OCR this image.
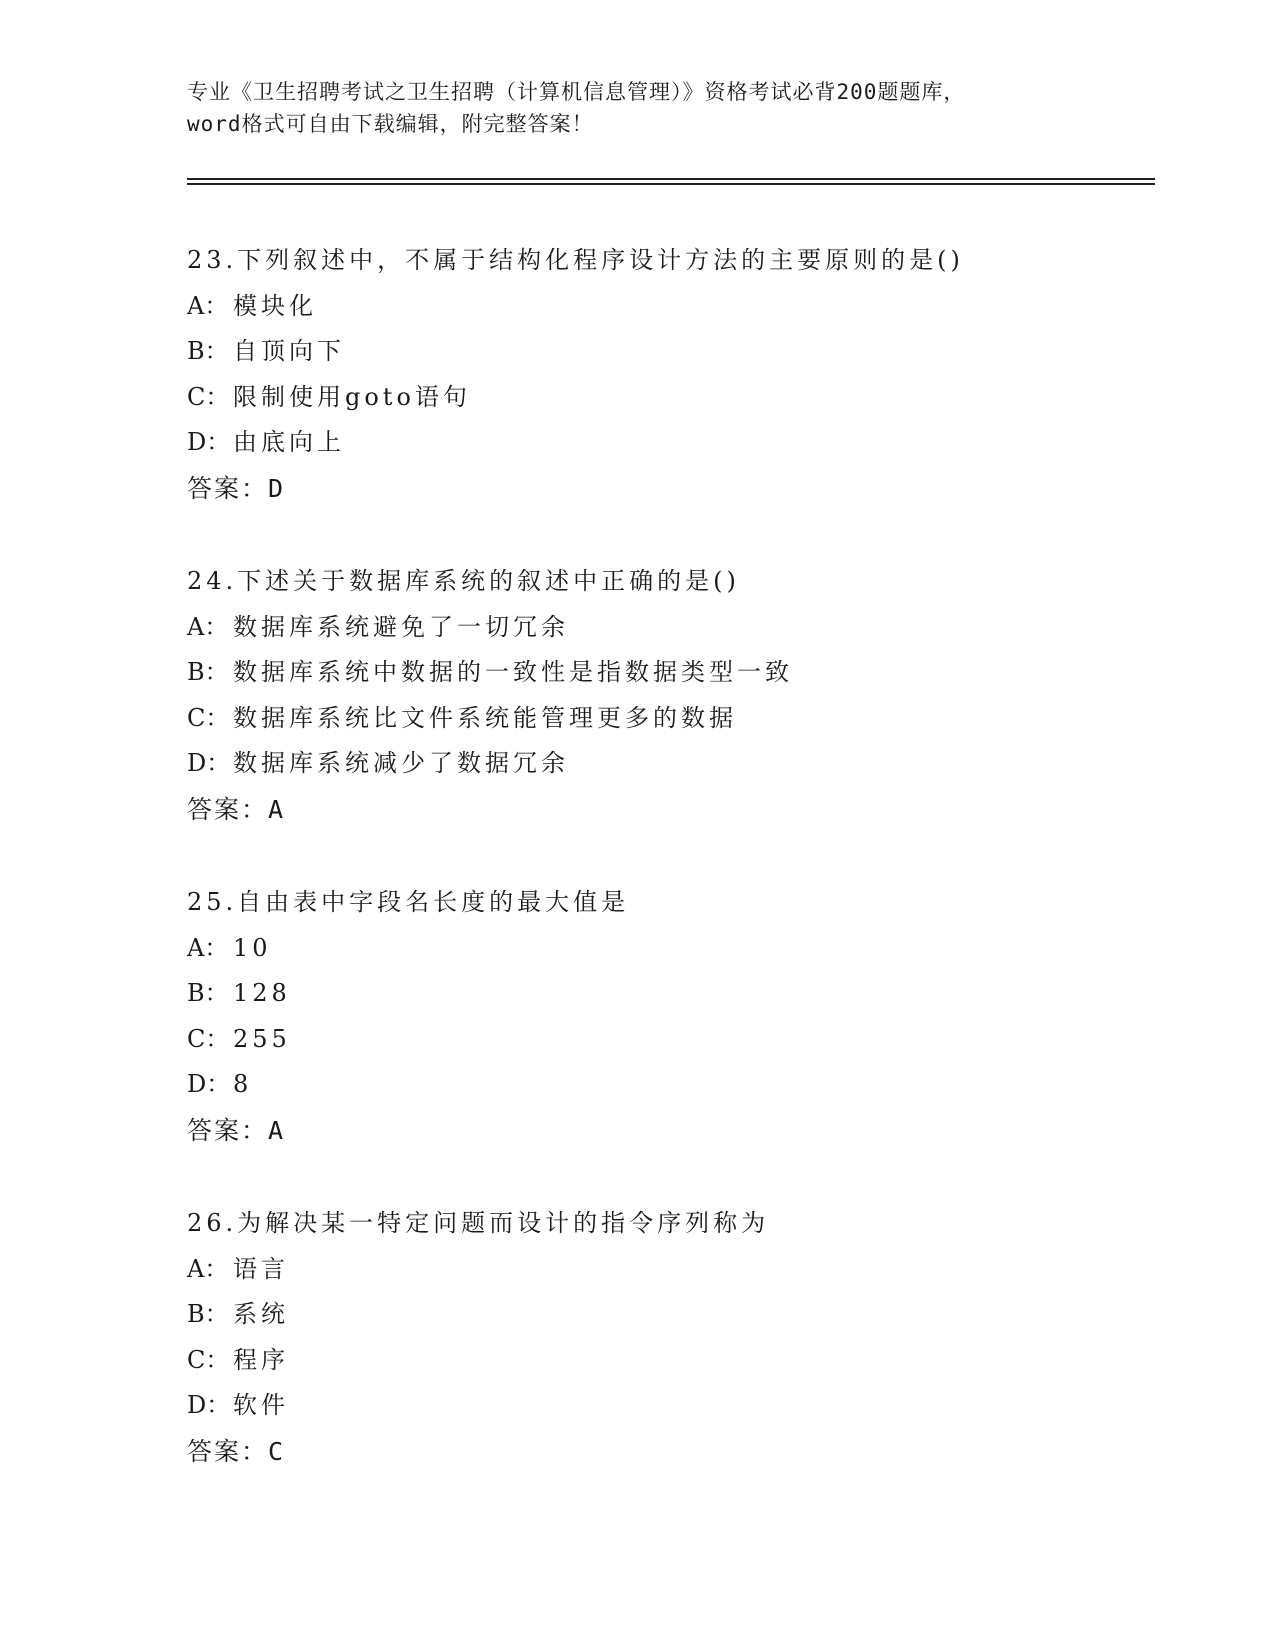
专业《卫生招聘考试之卫生招聘（计算机信息管理）》资格考试必背200题题库，
word格式可自由下载编辑，附完整答案！
23.下列叙述中，不属于结构化程序设计方法的主要原则的是()
A： 模块化
B： 自顶向下
C： 限制使用goto语句
D： 由底向上
答案：D
24.下述关于数据库系统的叙述中正确的是()
A： 数据库系统避免了一切冗余
B： 数据库系统中数据的一致性是指数据类型一致
C： 数据库系统比文件系统能管理更多的数据
D： 数据库系统减少了数据冗余
答案：A
25.自由表中字段名长度的最大值是
A： 10
B： 128
C： 255
D： 8
答案：A
26.为解决某一特定问题而设计的指令序列称为
A： 语言
B： 系统
C： 程序
D： 软件
答案：C
